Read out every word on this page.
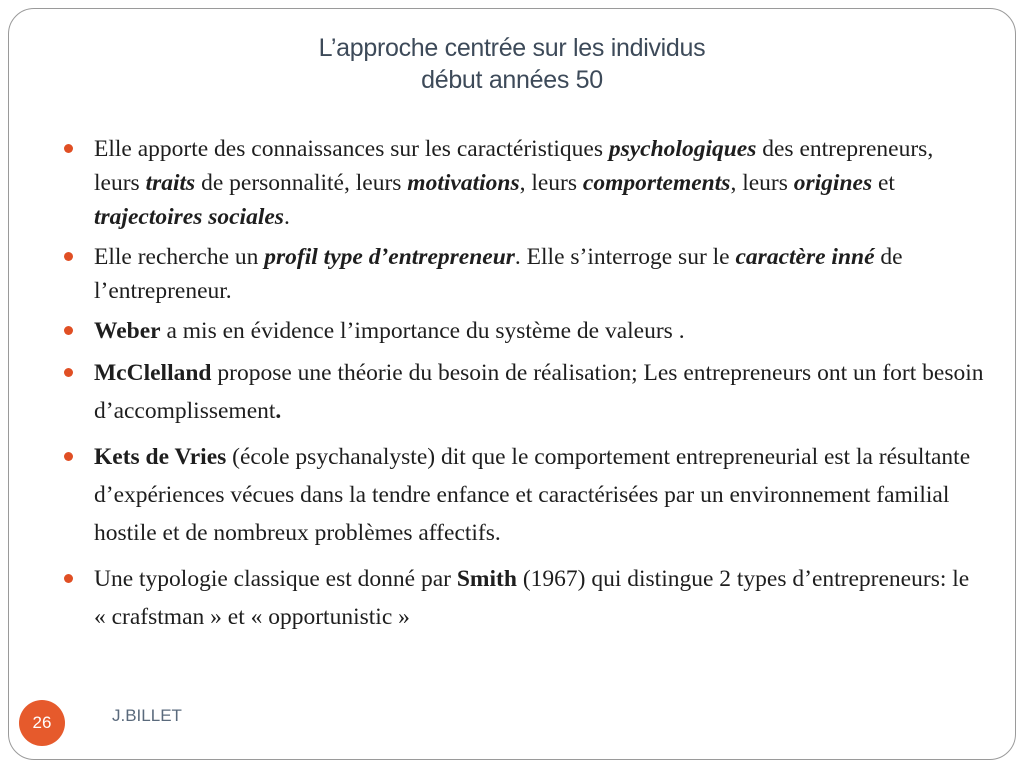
L’approche centrée sur les individus
début années 50
Elle apporte des connaissances sur les caractéristiques psychologiques des entrepreneurs, leurs traits de personnalité, leurs motivations, leurs comportements, leurs origines et trajectoires sociales.
Elle recherche un profil type d’entrepreneur. Elle s’interroge sur le caractère inné de l’entrepreneur.
Weber a mis en évidence l’importance du système de valeurs .
McClelland propose une théorie du besoin de réalisation; Les entrepreneurs ont un fort besoin d’accomplissement.
Kets de Vries (école psychanalyste) dit que le comportement entrepreneurial est la résultante d’expériences vécues dans la tendre enfance et caractérisées par un environnement familial hostile et de nombreux problèmes affectifs.
Une typologie classique est donné par Smith (1967) qui distingue 2 types d’entrepreneurs: le « crafstman » et « opportunistic »
26	J.BILLET
